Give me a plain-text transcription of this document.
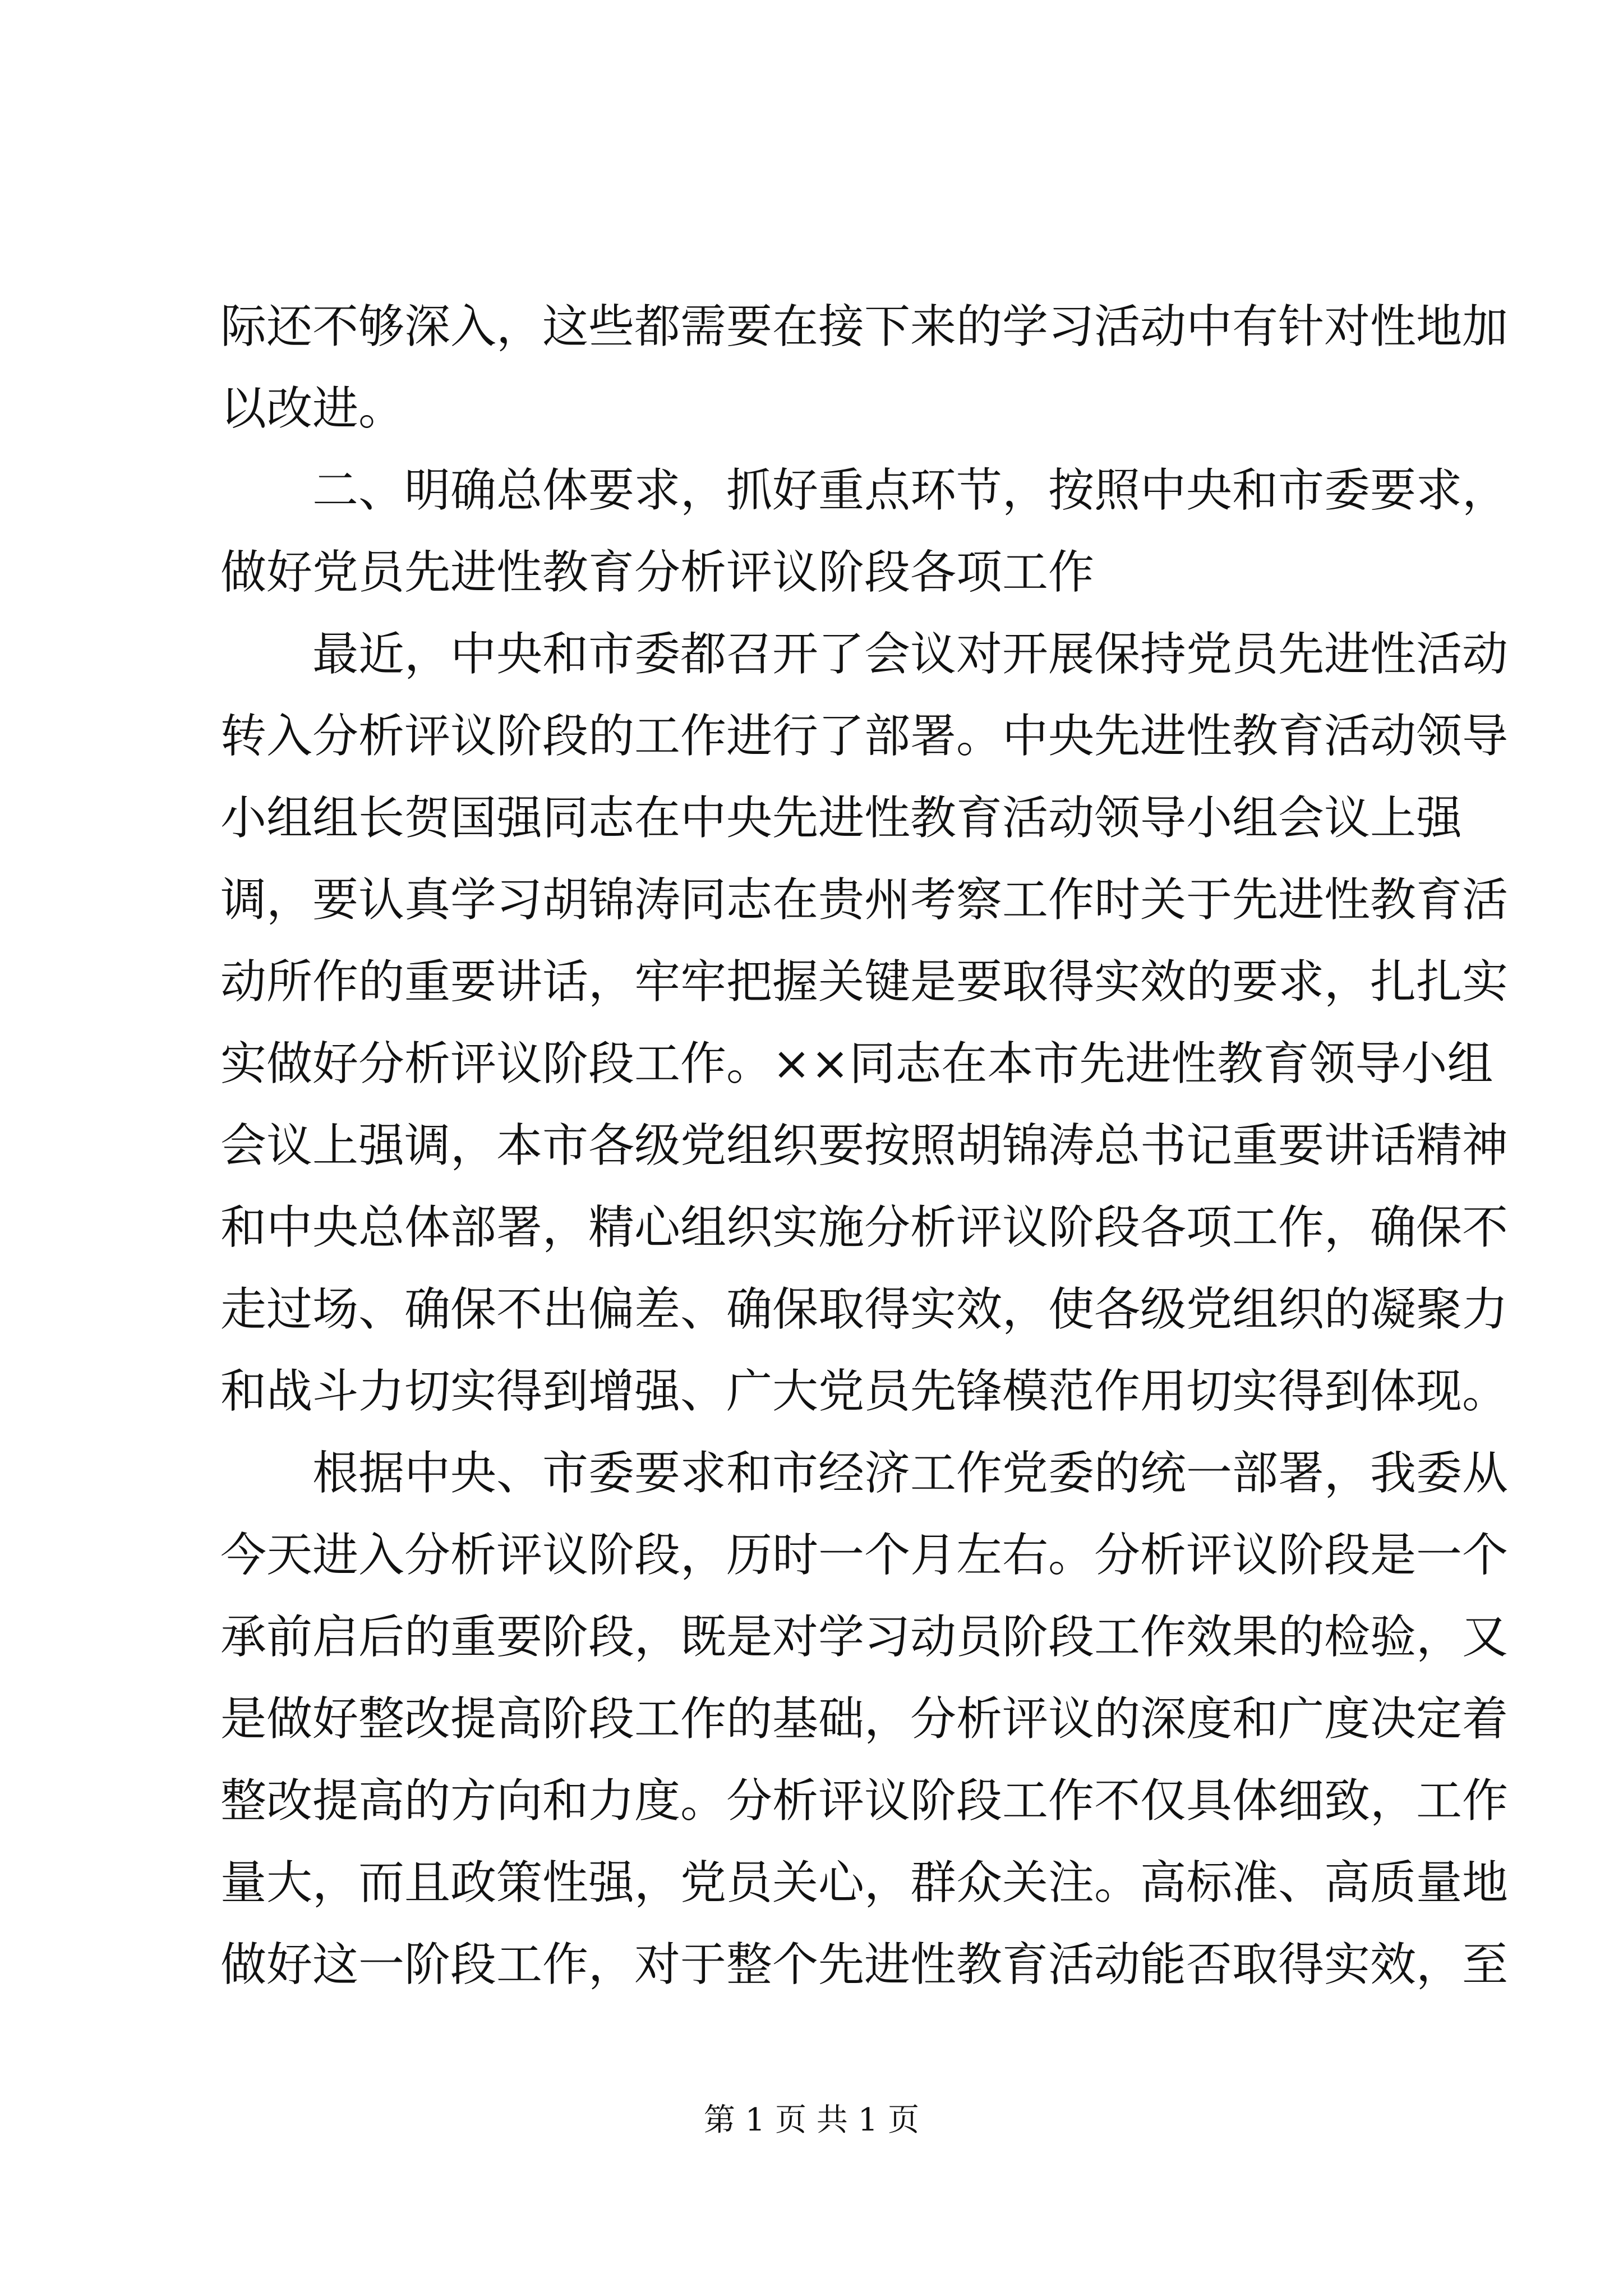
际还不够深入，这些都需要在接下来的学习活动中有针对性地加
以改进。
二、明确总体要求，抓好重点环节，按照中央和市委要求，
做好党员先进性教育分析评议阶段各项工作
最近，中央和市委都召开了会议对开展保持党员先进性活动
转入分析评议阶段的工作进行了部署。中央先进性教育活动领导
小组组长贺国强同志在中央先进性教育活动领导小组会议上强
调，要认真学习胡锦涛同志在贵州考察工作时关于先进性教育活
动所作的重要讲话，牢牢把握关键是要取得实效的要求，扎扎实
实做好分析评议阶段工作。××同志在本市先进性教育领导小组
会议上强调，本市各级党组织要按照胡锦涛总书记重要讲话精神
和中央总体部署，精心组织实施分析评议阶段各项工作，确保不
走过场、确保不出偏差、确保取得实效，使各级党组织的凝聚力
和战斗力切实得到增强、广大党员先锋模范作用切实得到体现。
根据中央、市委要求和市经济工作党委的统一部署，我委从
今天进入分析评议阶段，历时一个月左右。分析评议阶段是一个
承前启后的重要阶段，既是对学习动员阶段工作效果的检验，又
是做好整改提高阶段工作的基础，分析评议的深度和广度决定着
整改提高的方向和力度。分析评议阶段工作不仅具体细致，工作
量大，而且政策性强，党员关心，群众关注。高标准、高质量地
做好这一阶段工作，对于整个先进性教育活动能否取得实效，至
第 1 页 共 1 页
